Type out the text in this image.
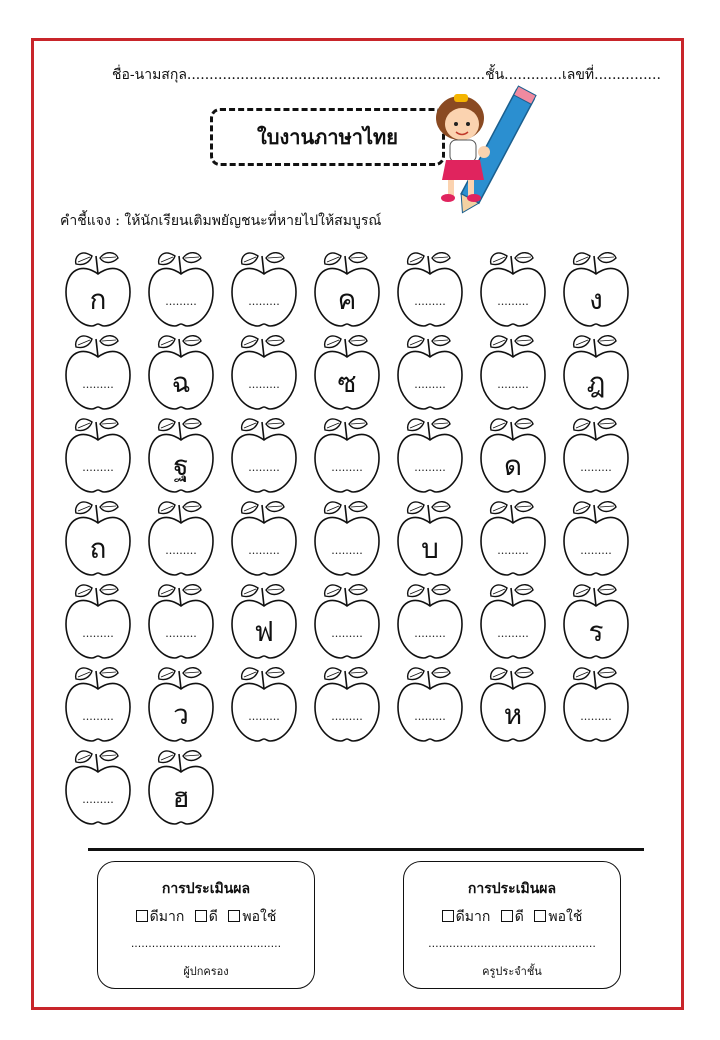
ชื่อ-นามสกุล...................................................................ชั้น.............เลขที่...............
ใบงานภาษาไทย
คำชี้แจง : ให้นักเรียนเติมพยัญชนะที่หายไปให้สมบูรณ์
ก	.........	.........	ค	.........	.........	ง
.........	ฉ	.........	ซ	.........	.........	ฎ
.........	ฐ	.........	.........	.........	ด	.........
ถ	.........	.........	.........	บ	.........	.........
.........	.........	ฟ	.........	.........	.........	ร
.........	ว	.........	.........	.........	ห	.........
.........	ฮ
การประเมินผล
ดีมาก ดี พอใช้
...........................................
ผู้ปกครอง
การประเมินผล
ดีมาก ดี พอใช้
................................................
ครูประจำชั้น
